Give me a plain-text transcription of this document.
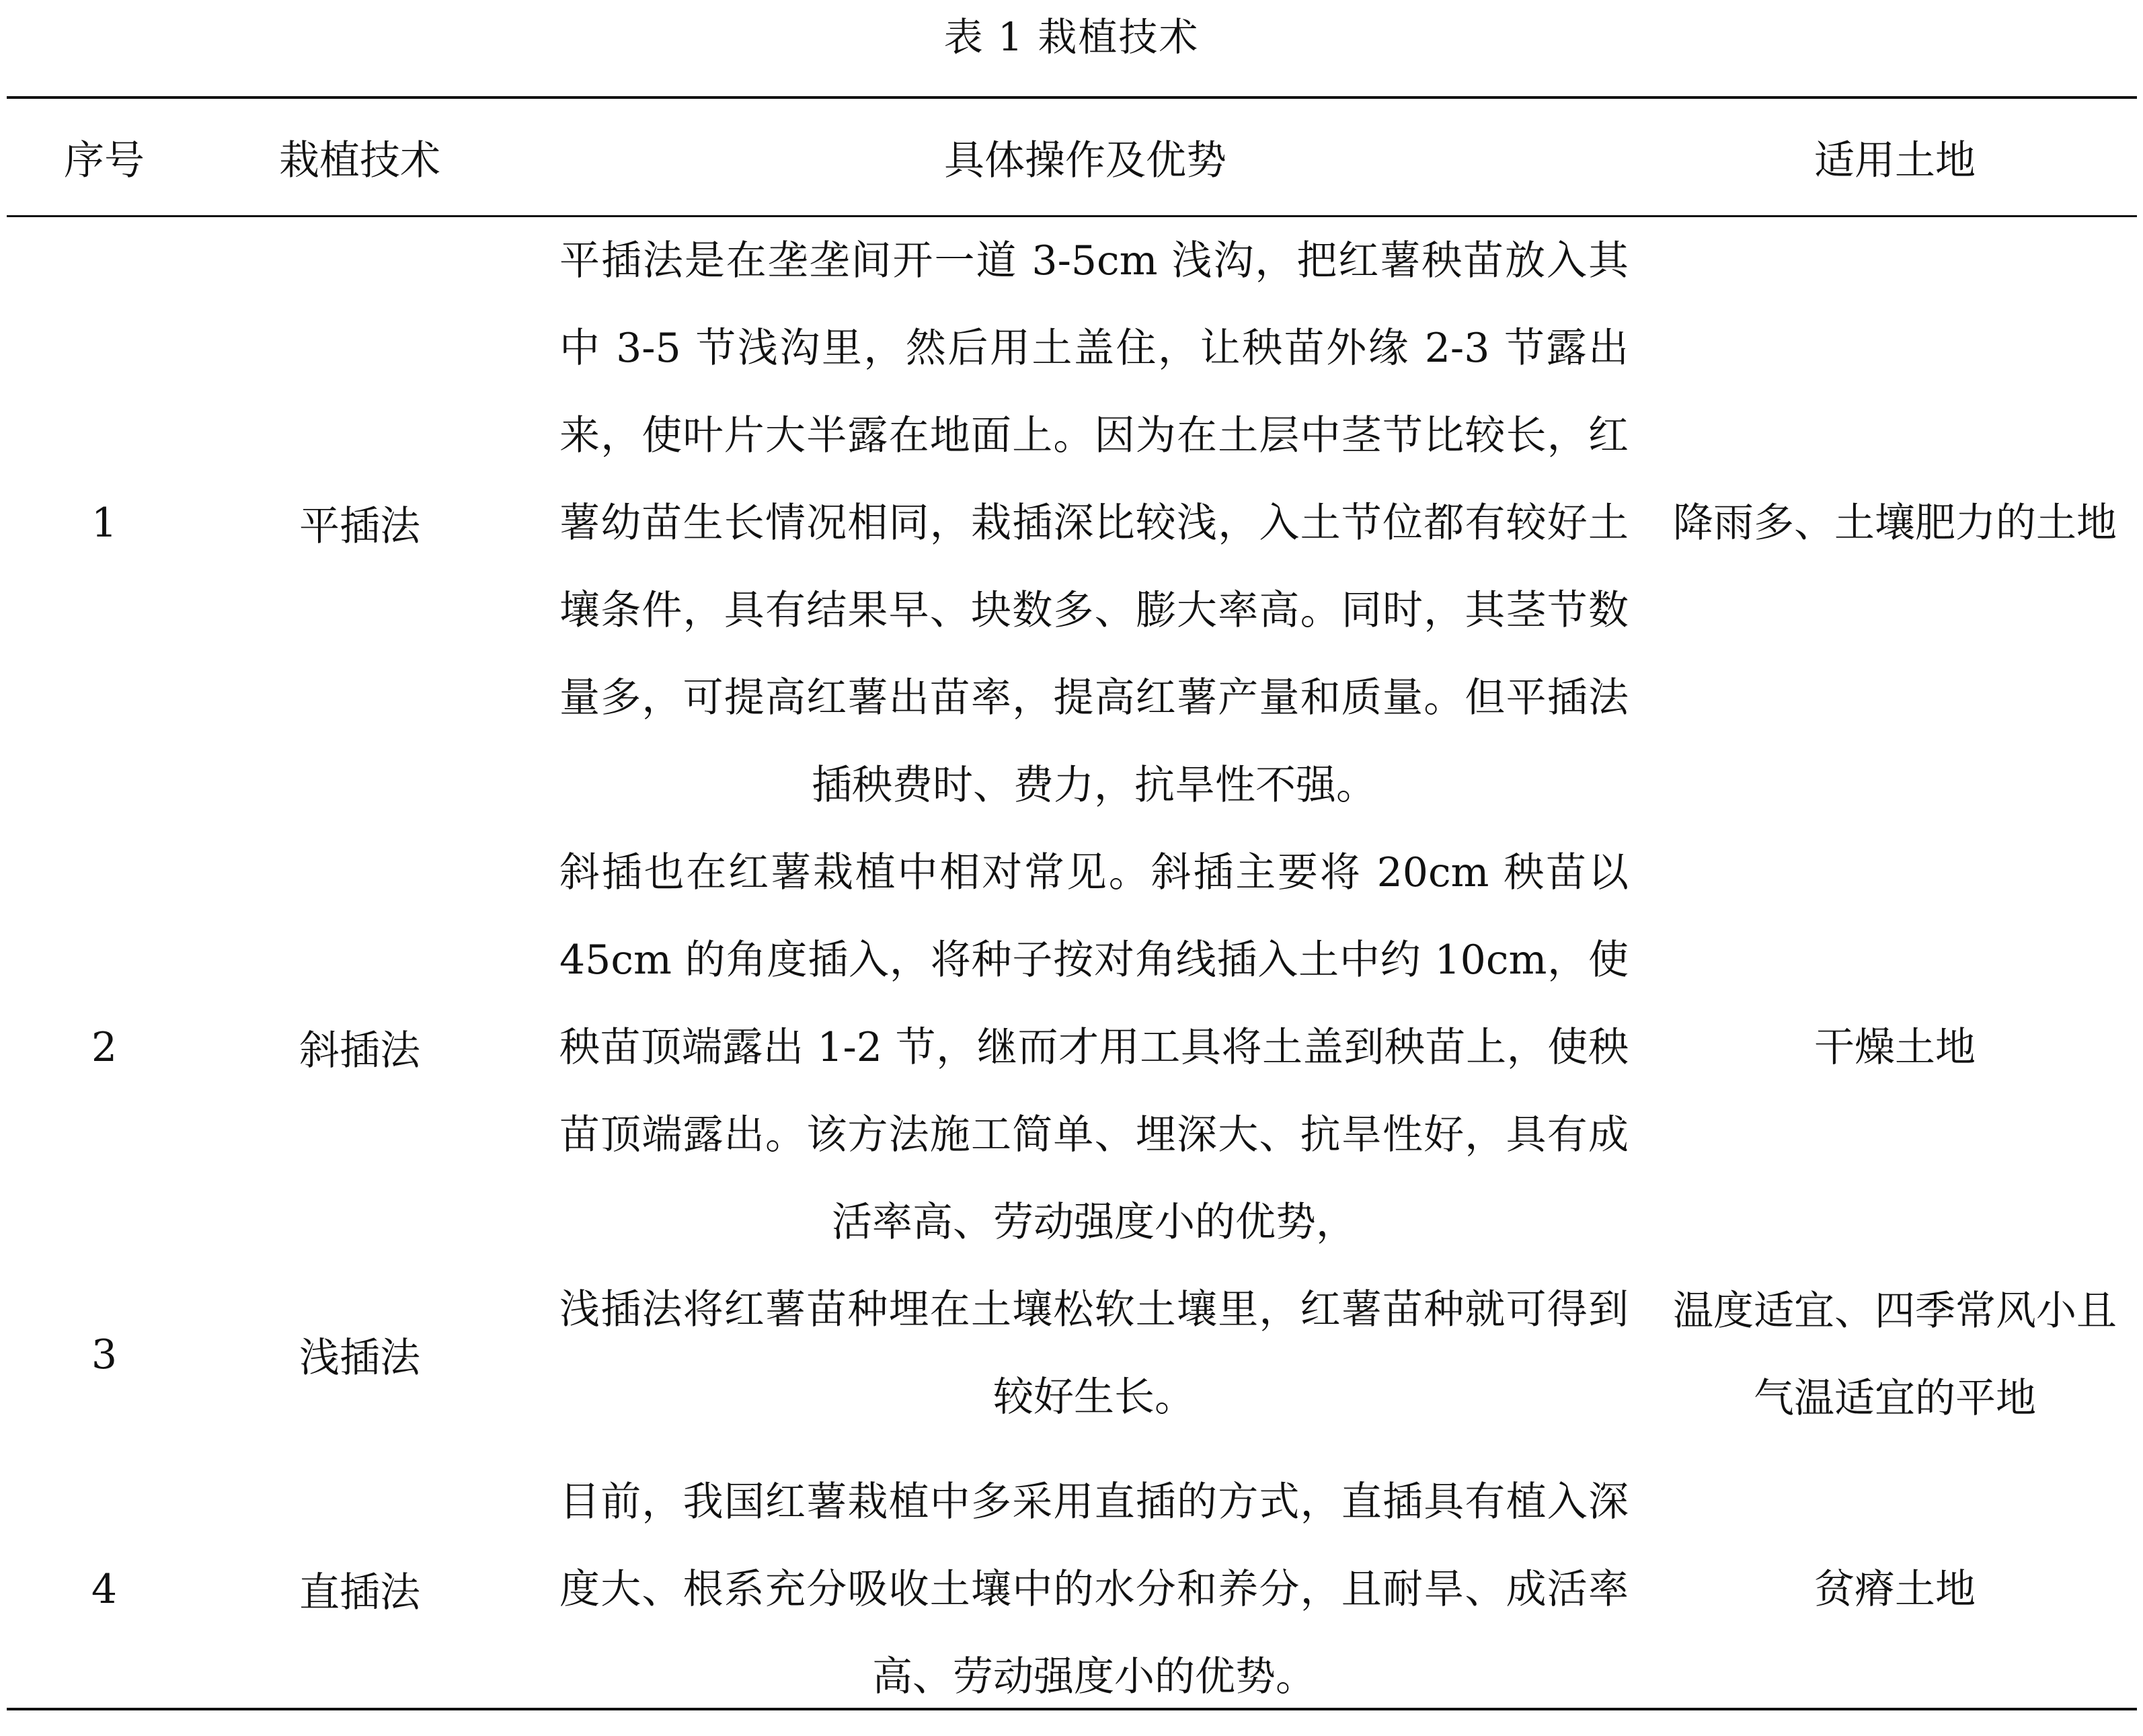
表 1 栽植技术
序号	栽植技术	具体操作及优势	适用土地
1	平插法	平插法是在垄垄间开一道 3-5cm 浅沟，把红薯秧苗放入其中 3-5 节浅沟里，然后用土盖住，让秧苗外缘 2-3 节露出来，使叶片大半露在地面上。因为在土层中茎节比较长，红薯幼苗生长情况相同，栽插深比较浅，入土节位都有较好土壤条件，具有结果早、块数多、膨大率高。同时，其茎节数量多，可提高红薯出苗率，提高红薯产量和质量。但平插法插秧费时、费力，抗旱性不强。	降雨多、土壤肥力的土地
2	斜插法	斜插也在红薯栽植中相对常见。斜插主要将 20cm 秧苗以 45cm 的角度插入，将种子按对角线插入土中约 10cm，使秧苗顶端露出 1-2 节，继而才用工具将土盖到秧苗上，使秧苗顶端露出。该方法施工简单、埋深大、抗旱性好，具有成活率高、劳动强度小的优势，	干燥土地
3	浅插法	浅插法将红薯苗种埋在土壤松软土壤里，红薯苗种就可得到较好生长。	温度适宜、四季常风小且气温适宜的平地
4	直插法	目前，我国红薯栽植中多采用直插的方式，直插具有植入深度大、根系充分吸收土壤中的水分和养分，且耐旱、成活率高、劳动强度小的优势。	贫瘠土地
